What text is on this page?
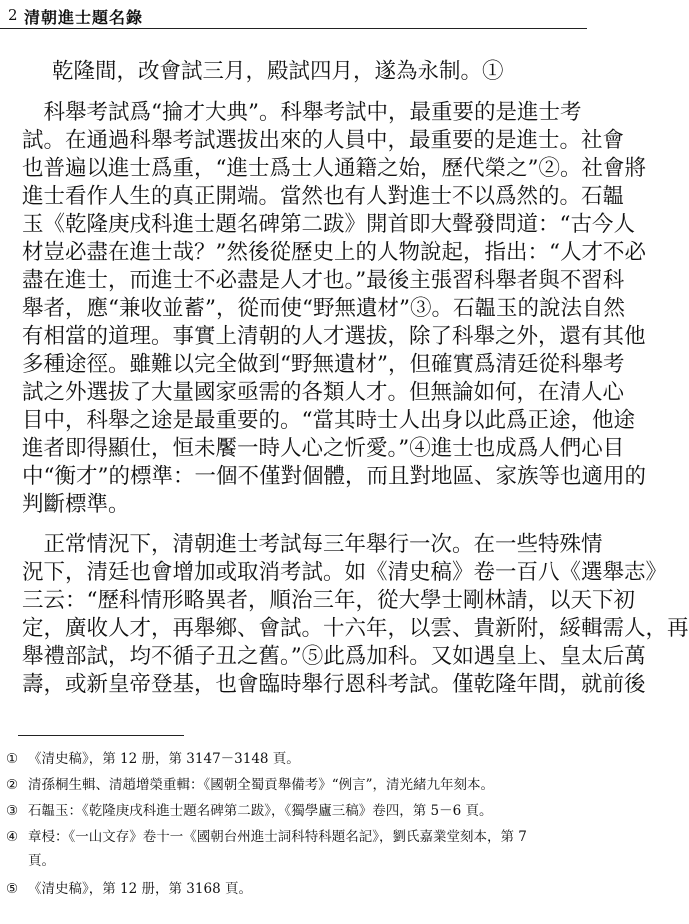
2 清朝進士題名錄
乾隆間，改會試三月，殿試四月，遂為永制。①
　科舉考試爲“掄才大典”。科舉考試中，最重要的是進士考
試。在通過科舉考試選拔出來的人員中，最重要的是進士。社會
也普遍以進士爲重，“進士爲士人通籍之始，歷代榮之”②。社會將
進士看作人生的真正開端。當然也有人對進士不以爲然的。石韞
玉《乾隆庚戌科進士題名碑第二跋》開首即大聲發問道：“古今人
材豈必盡在進士哉？”然後從歷史上的人物說起，指出：“人才不必
盡在進士，而進士不必盡是人才也。”最後主張習科舉者與不習科
舉者，應“兼收並蓄”，從而使“野無遺材”③。石韞玉的說法自然
有相當的道理。事實上清朝的人才選拔，除了科舉之外，還有其他
多種途徑。雖難以完全做到“野無遺材”，但確實爲清廷從科舉考
試之外選拔了大量國家亟需的各類人才。但無論如何，在清人心
目中，科舉之途是最重要的。“當其時士人出身以此爲正途，他途
進者即得顯仕，恒未饜一時人心之忻愛。”④進士也成爲人們心目
中“衡才”的標準：一個不僅對個體，而且對地區、家族等也適用的
判斷標準。
　正常情況下，清朝進士考試每三年舉行一次。在一些特殊情
況下，清廷也會增加或取消考試。如《清史稿》卷一百八《選舉志》
三云：“歷科情形略異者，順治三年，從大學士剛林請，以天下初
定，廣收人才，再舉鄉、會試。十六年，以雲、貴新附，綏輯需人，再
舉禮部試，均不循子丑之舊。”⑤此爲加科。又如遇皇上、皇太后萬
壽，或新皇帝登基，也會臨時舉行恩科考試。僅乾隆年間，就前後
① 《清史稿》，第 12 册，第 3147－3148 頁。
② 清孫桐生輯、清趙增榮重輯：《國朝全蜀貢舉備考》“例言”，清光緒九年刻本。
③ 石韞玉：《乾隆庚戌科進士題名碑第二跋》，《獨學廬三稿》卷四，第 5－6 頁。
④ 章梫：《一山文存》卷十一《國朝台州進士詞科特科題名記》，劉氏嘉業堂刻本，第 7
頁。
⑤ 《清史稿》，第 12 册，第 3168 頁。
